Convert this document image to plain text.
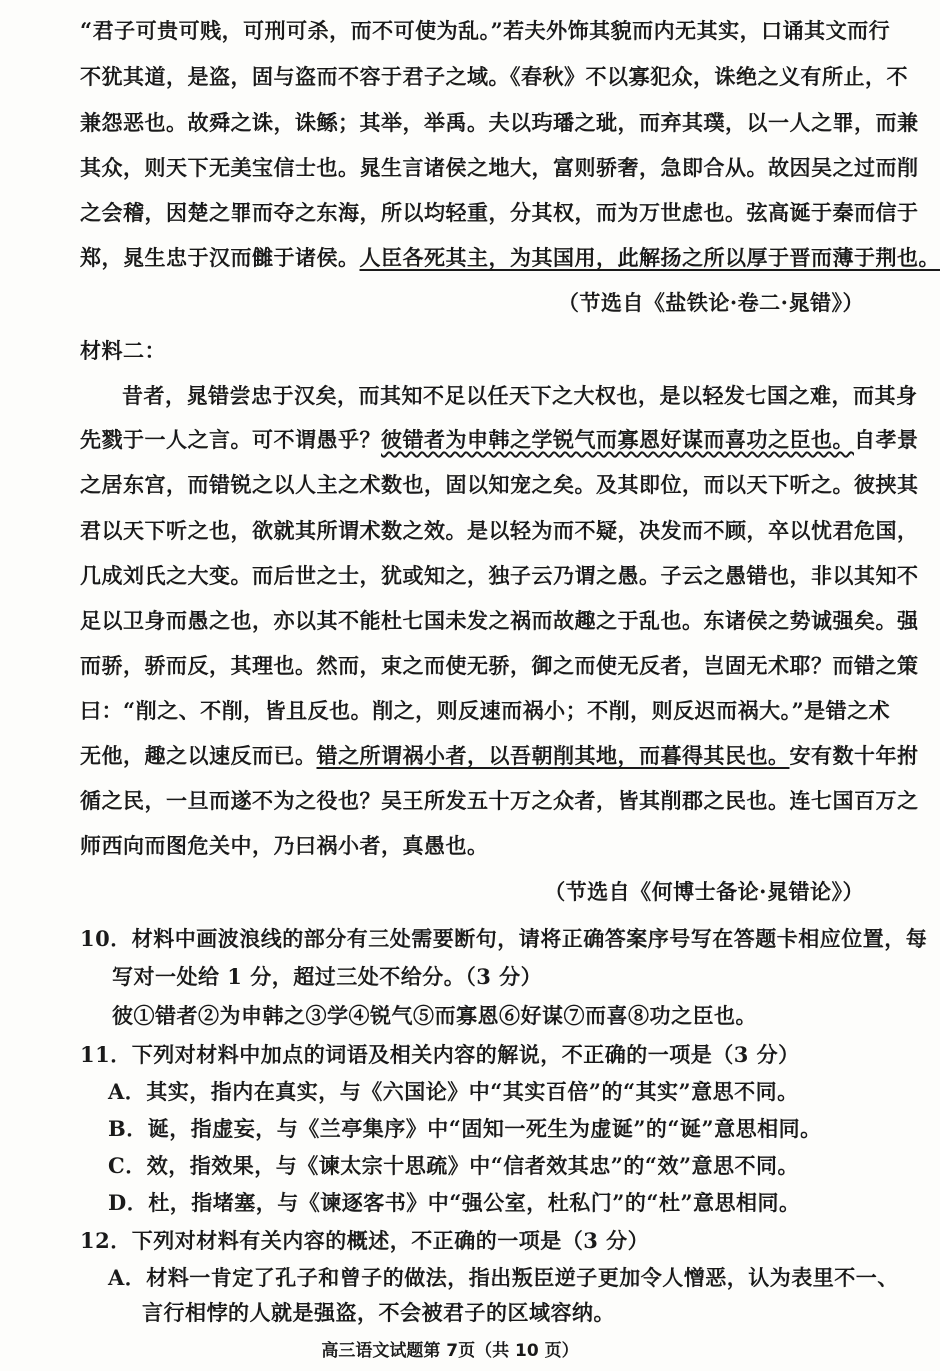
“君子可贵可贱，可刑可杀，而不可使为乱。”若夫外饰其貌而内无其实，口诵其文而行
不犹其道，是盗，固与盗而不容于君子之域。《春秋》不以寡犯众，诛绝之义有所止，不
兼怨恶也。故舜之诛，诛鲧；其举，举禹。夫以玙璠之玼，而弃其璞，以一人之罪，而兼
其众，则天下无美宝信士也。晁生言诸侯之地大，富则骄奢，急即合从。故因吴之过而削
之会稽，因楚之罪而夺之东海，所以均轻重，分其权，而为万世虑也。弦高诞于秦而信于
郑，晁生忠于汉而雠于诸侯。人臣各死其主，为其国用，此解扬之所以厚于晋而薄于荆也。
（节选自《盐铁论·卷二·晁错》）
材料二：
昔者，晁错尝忠于汉矣，而其知不足以任天下之大权也，是以轻发七国之难，而其身
先戮于一人之言。可不谓愚乎？彼错者为申韩之学锐气而寡恩好谋而喜功之臣也。自孝景
之居东宫，而错锐之以人主之术数也，固以知宠之矣。及其即位，而以天下听之。彼挟其
君以天下听之也，欲就其所谓术数之效。是以轻为而不疑，决发而不顾，卒以忧君危国，
几成刘氏之大变。而后世之士，犹或知之，独子云乃谓之愚。子云之愚错也，非以其知不
足以卫身而愚之也，亦以其不能杜七国未发之祸而故趣之于乱也。东诸侯之势诚强矣。强
而骄，骄而反，其理也。然而，束之而使无骄，御之而使无反者，岂固无术耶？而错之策
曰：“削之、不削，皆且反也。削之，则反速而祸小；不削，则反迟而祸大。”是错之术
无他，趣之以速反而已。错之所谓祸小者，以吾朝削其地，而暮得其民也。安有数十年拊
循之民，一旦而遂不为之役也？吴王所发五十万之众者，皆其削郡之民也。连七国百万之
师西向而图危关中，乃曰祸小者，真愚也。
（节选自《何博士备论·晁错论》）
10．材料中画波浪线的部分有三处需要断句，请将正确答案序号写在答题卡相应位置，每
写对一处给 1 分，超过三处不给分。（3 分）
彼①错者②为申韩之③学④锐气⑤而寡恩⑥好谋⑦而喜⑧功之臣也。
11．下列对材料中加点的词语及相关内容的解说，不正确的一项是（3 分）
A．其实，指内在真实，与《六国论》中“其实百倍”的“其实”意思不同。
B．诞，指虚妄，与《兰亭集序》中“固知一死生为虚诞”的“诞”意思相同。
C．效，指效果，与《谏太宗十思疏》中“信者效其忠”的“效”意思不同。
D．杜，指堵塞，与《谏逐客书》中“强公室，杜私门”的“杜”意思相同。
12．下列对材料有关内容的概述，不正确的一项是（3 分）
A．材料一肯定了孔子和曾子的做法，指出叛臣逆子更加令人憎恶，认为表里不一、
言行相悖的人就是强盗，不会被君子的区域容纳。
高三语文试题第 7页（共 10 页）
